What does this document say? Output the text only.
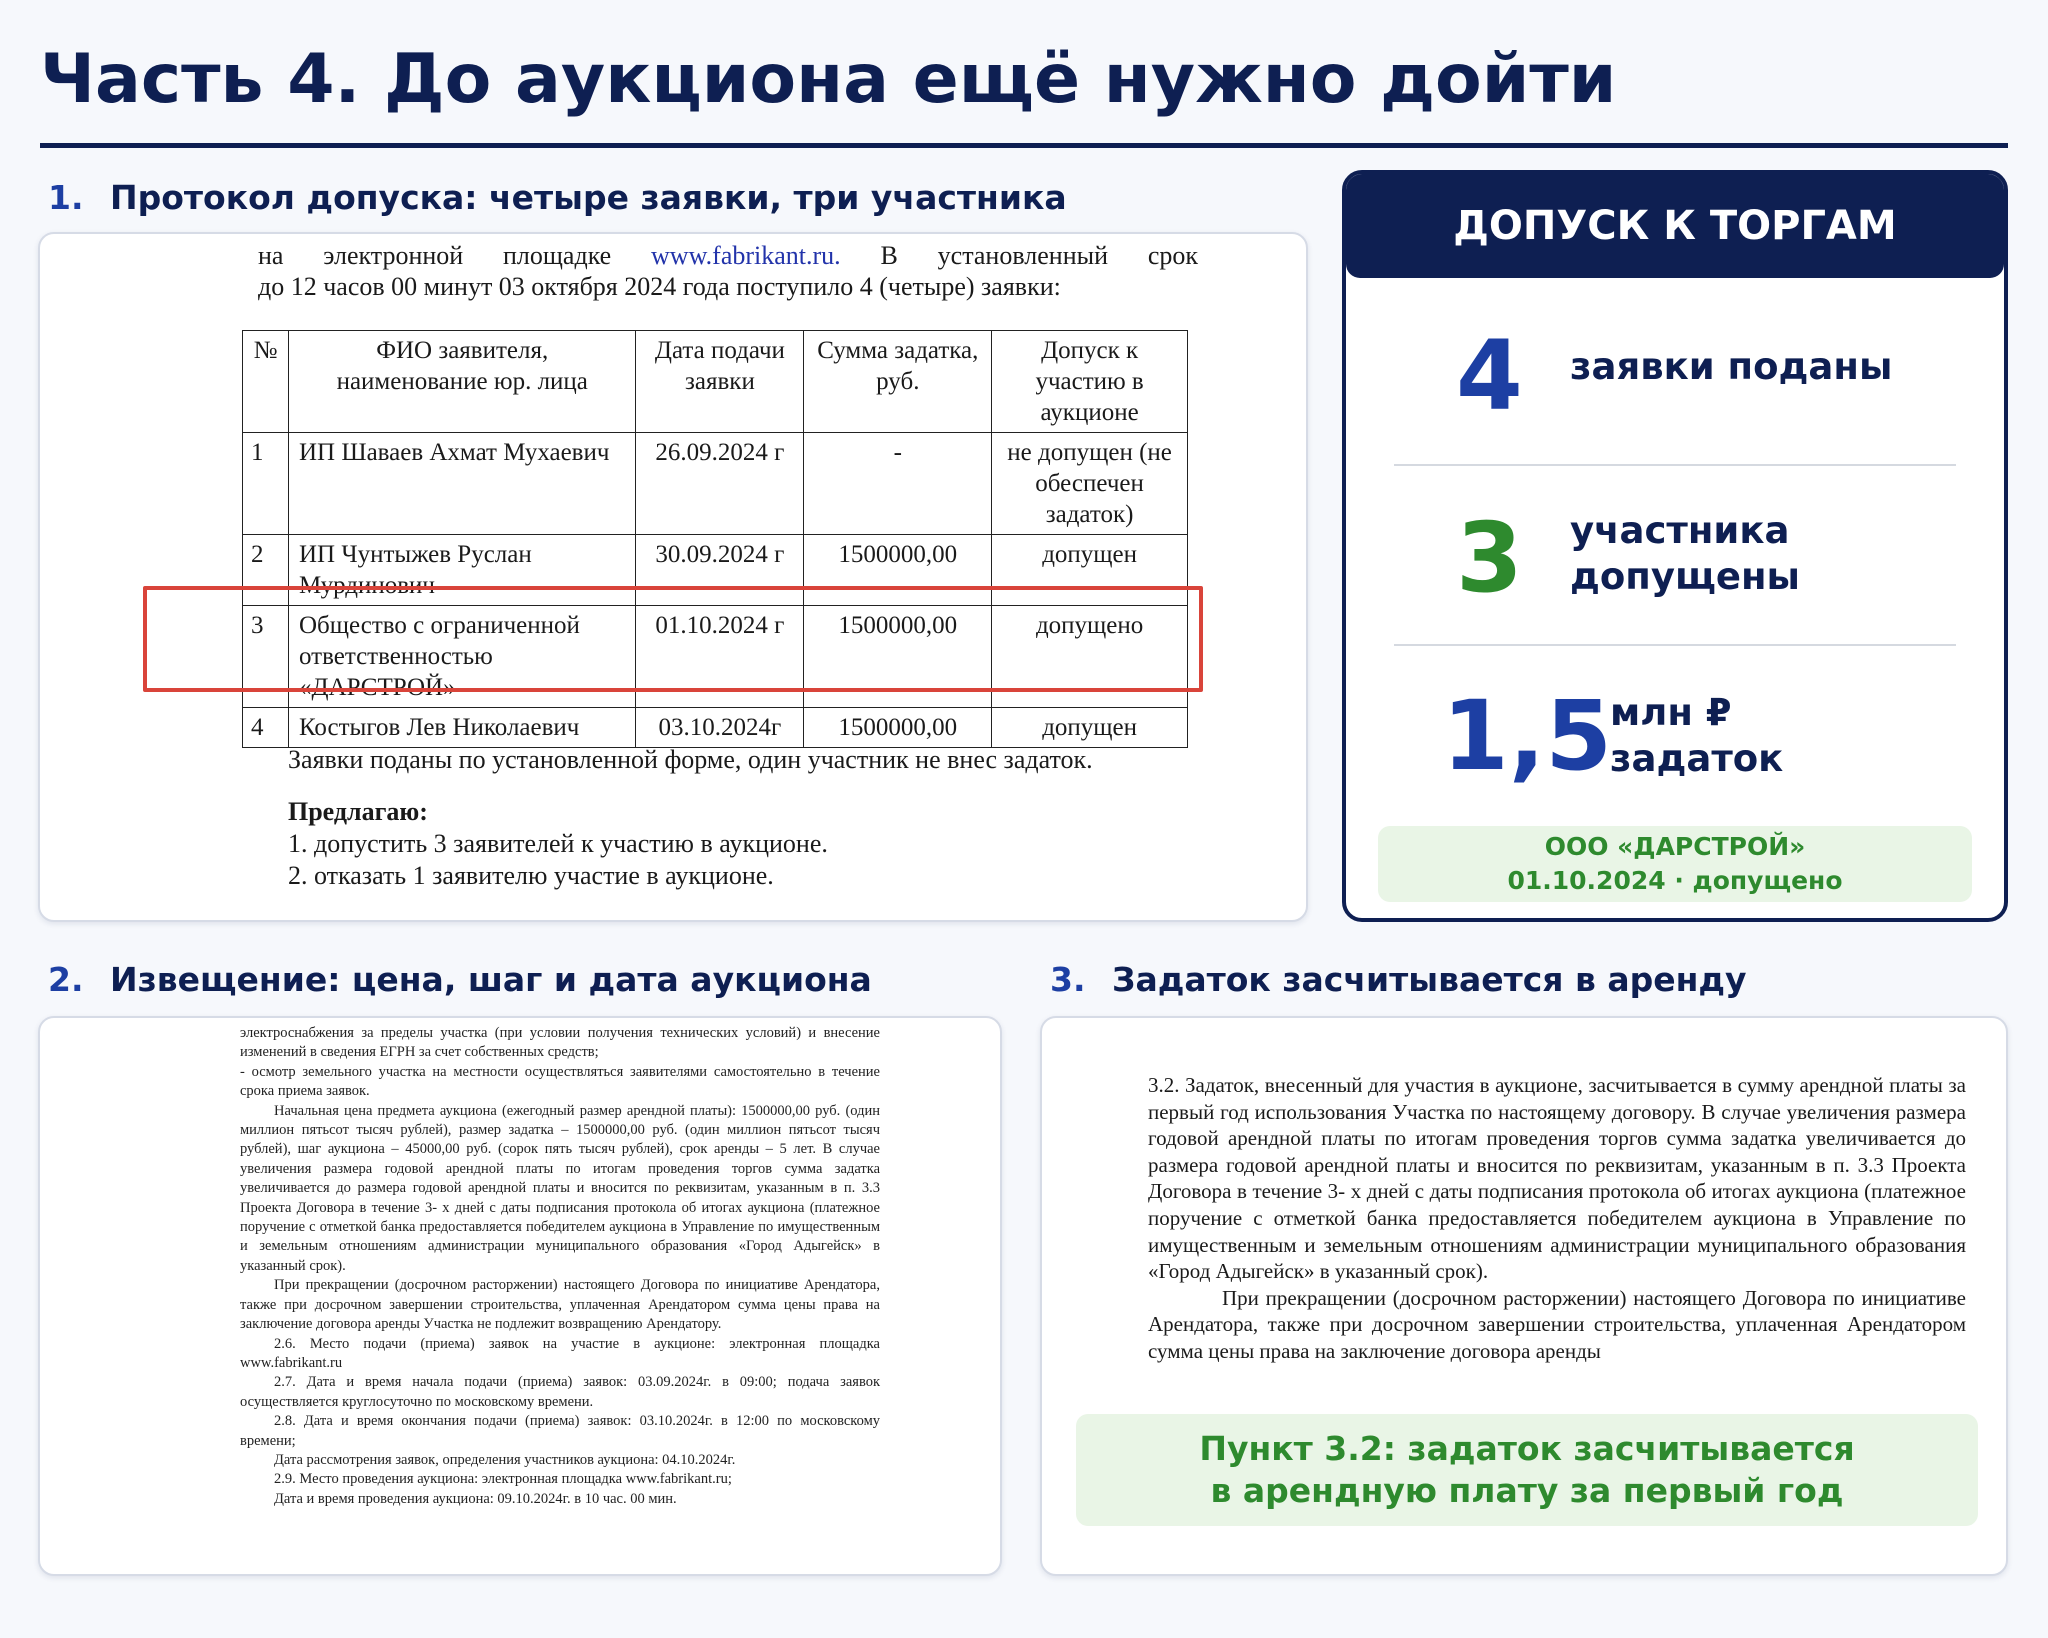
Часть 4. До аукциона ещё нужно дойти
1. Протокол допуска: четыре заявки, три участника
на электронной площадке www.fabrikant.ru. В установленный срок
до 12 часов 00 минут 03 октября 2024 года поступило 4 (четыре) заявки:
№	ФИО заявителя, наименование юр. лица	Дата подачи заявки	Сумма задатка, руб.	Допуск к участию в аукционе
1	ИП Шаваев Ахмат Мухаевич	26.09.2024 г	-	не допущен (не обеспечен задаток)
2	ИП Чунтыжев Руслан Мурдинович	30.09.2024 г	1500000,00	допущен
3	Общество с ограниченной ответственностью «ДАРСТРОЙ»	01.10.2024 г	1500000,00	допущено
4	Костыгов Лев Николаевич	03.10.2024г	1500000,00	допущен
Заявки поданы по установленной форме, один участник не внес задаток.
Предлагаю:
1. допустить 3 заявителей к участию в аукционе.
2. отказать 1 заявителю участие в аукционе.
ДОПУСК К ТОРГАМ
4 заявки поданы
3 участника
допущены
1,5
млн ₽
задаток
ООО «ДАРСТРОЙ»
01.10.2024 · допущено
2. Извещение: цена, шаг и дата аукциона

электроснабжения за пределы участка (при условии получения технических условий) и внесение изменений в сведения ЕГРН за счет собственных средств;

- осмотр земельного участка на местности осуществляться заявителями самостоятельно в течение срока приема заявок.

Начальная цена предмета аукциона (ежегодный размер арендной платы): 1500000,00 руб. (один миллион пятьсот тысяч рублей), размер задатка – 1500000,00 руб. (один миллион пятьсот тысяч рублей), шаг аукциона – 45000,00 руб. (сорок пять тысяч рублей), срок аренды – 5 лет. В случае увеличения размера годовой арендной платы по итогам проведения торгов сумма задатка увеличивается до размера годовой арендной платы и вносится по реквизитам, указанным в п. 3.3 Проекта Договора в течение 3- х дней с даты подписания протокола об итогах аукциона (платежное поручение с отметкой банка предоставляется победителем аукциона в Управление по имущественным и земельным отношениям администрации муниципального образования «Город Адыгейск» в указанный срок).

При прекращении (досрочном расторжении) настоящего Договора по инициативе Арендатора, также при досрочном завершении строительства, уплаченная Арендатором сумма цены права на заключение договора аренды Участка не подлежит возвращению Арендатору.

2.6. Место подачи (приема) заявок на участие в аукционе: электронная площадка www.fabrikant.ru

2.7. Дата и время начала подачи (приема) заявок: 03.09.2024г. в 09:00; подача заявок осуществляется круглосуточно по московскому времени.

2.8. Дата и время окончания подачи (приема) заявок: 03.10.2024г. в 12:00 по московскому времени;

Дата рассмотрения заявок, определения участников аукциона: 04.10.2024г.

2.9. Место проведения аукциона: электронная площадка www.fabrikant.ru;

Дата и время проведения аукциона: 09.10.2024г. в 10 час. 00 мин.

3. Задаток засчитывается в аренду

3.2. Задаток, внесенный для участия в аукционе, засчитывается в сумму арендной платы за первый год использования Участка по настоящему договору. В случае увеличения размера годовой арендной платы по итогам проведения торгов сумма задатка увеличивается до размера годовой арендной платы и вносится по реквизитам, указанным в п. 3.3 Проекта Договора в течение 3- х дней с даты подписания протокола об итогах аукциона (платежное поручение с отметкой банка предоставляется победителем аукциона в Управление по имущественным и земельным отношениям администрации муниципального образования «Город Адыгейск» в указанный срок).

При прекращении (досрочном расторжении) настоящего Договора по инициативе Арендатора, также при досрочном завершении строительства, уплаченная Арендатором сумма цены права на заключение договора аренды

Пункт 3.2: задаток засчитывается
в арендную плату за первый год
